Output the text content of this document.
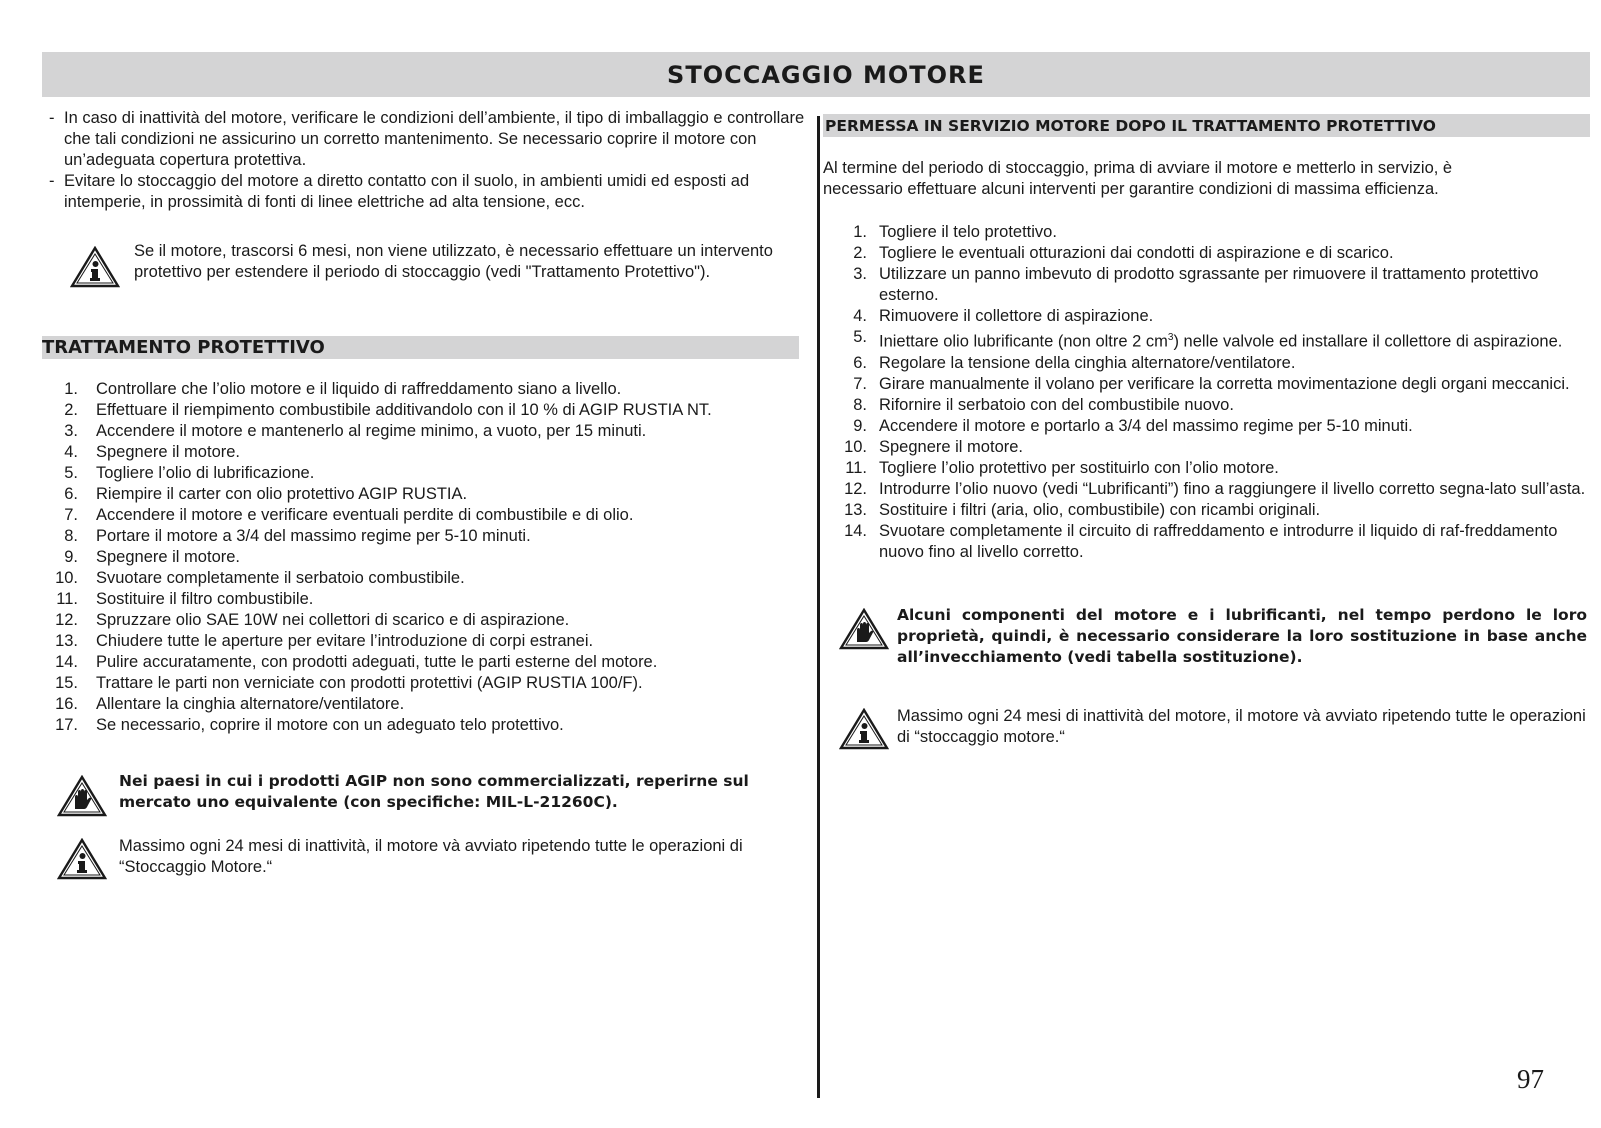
STOCCAGGIO MOTORE
- In caso di inattività del motore, verificare le condizioni dell’ambiente, il tipo di imballaggio e controllare che tali condizioni ne assicurino un corretto mantenimento. Se necessario coprire il motore con un’adeguata copertura protettiva.
- Evitare lo stoccaggio del motore a diretto contatto con il suolo, in ambienti umidi ed esposti ad intemperie, in prossimità di fonti di linee elettriche ad alta tensione, ecc.
Se il motore, trascorsi 6 mesi, non viene utilizzato, è necessario effettuare un intervento protettivo per estendere il periodo di stoccaggio (vedi "Trattamento Protettivo").
TRATTAMENTO PROTETTIVO
1. Controllare che l’olio motore e il liquido di raffreddamento siano a livello.
2. Effettuare il riempimento combustibile additivandolo con il 10 % di AGIP RUSTIA NT.
3. Accendere il motore e mantenerlo al regime minimo, a vuoto, per 15 minuti.
4. Spegnere il motore.
5. Togliere l’olio di lubrificazione.
6. Riempire il carter con olio protettivo AGIP RUSTIA.
7. Accendere il motore e verificare eventuali perdite di combustibile e di olio.
8. Portare il motore a 3/4 del massimo regime per 5-10 minuti.
9. Spegnere il motore.
10. Svuotare completamente il serbatoio combustibile.
11. Sostituire il filtro combustibile.
12. Spruzzare olio SAE 10W nei collettori di scarico e di aspirazione.
13. Chiudere tutte le aperture per evitare l’introduzione di corpi estranei.
14. Pulire accuratamente, con prodotti adeguati, tutte le parti esterne del motore.
15. Trattare le parti non verniciate con prodotti protettivi (AGIP RUSTIA 100/F).
16. Allentare la cinghia alternatore/ventilatore.
17. Se necessario, coprire il motore con un adeguato telo protettivo.
Nei paesi in cui i prodotti AGIP non sono commercializzati, reperirne sul mercato uno equivalente (con specifiche: MIL-L-21260C).
Massimo ogni 24 mesi di inattività, il motore và avviato ripetendo tutte le operazioni di “Stoccaggio Motore.“
PERMESSA IN SERVIZIO MOTORE DOPO IL TRATTAMENTO PROTETTIVO

Al termine del periodo di stoccaggio, prima di avviare il motore e metterlo in servizio, è necessario effettuare alcuni interventi per garantire condizioni di massima efficienza.

1. Togliere il telo protettivo.
2. Togliere le eventuali otturazioni dai condotti di aspirazione e di scarico.
3. Utilizzare un panno imbevuto di prodotto sgrassante per rimuovere il trattamento protettivo esterno.
4. Rimuovere il collettore di aspirazione.
5. Iniettare olio lubrificante (non oltre 2 $cm^3$) nelle valvole ed installare il collettore di aspirazione.
6. Regolare la tensione della cinghia alternatore/ventilatore.
7. Girare manualmente il volano per verificare la corretta movimentazione degli organi meccanici.
8. Rifornire il serbatoio con del combustibile nuovo.
9. Accendere il motore e portarlo a 3/4 del massimo regime per 5-10 minuti.
10. Spegnere il motore.
11. Togliere l’olio protettivo per sostituirlo con l’olio motore.
12. Introdurre l’olio nuovo (vedi “Lubrificanti”) fino a raggiungere il livello corretto segna-lato sull’asta.
13. Sostituire i filtri (aria, olio, combustibile) con ricambi originali.
14. Svuotare completamente il circuito di raffreddamento e introdurre il liquido di raf-freddamento nuovo fino al livello corretto.
Alcuni componenti del motore e i lubrificanti, nel tempo perdono le loro proprietà, quindi, è necessario considerare la loro sostituzione in base anche all’invecchiamento (vedi tabella sostituzione).
Massimo ogni 24 mesi di inattività del motore, il motore và avviato ripetendo tutte le operazioni di “stoccaggio motore.“
97
